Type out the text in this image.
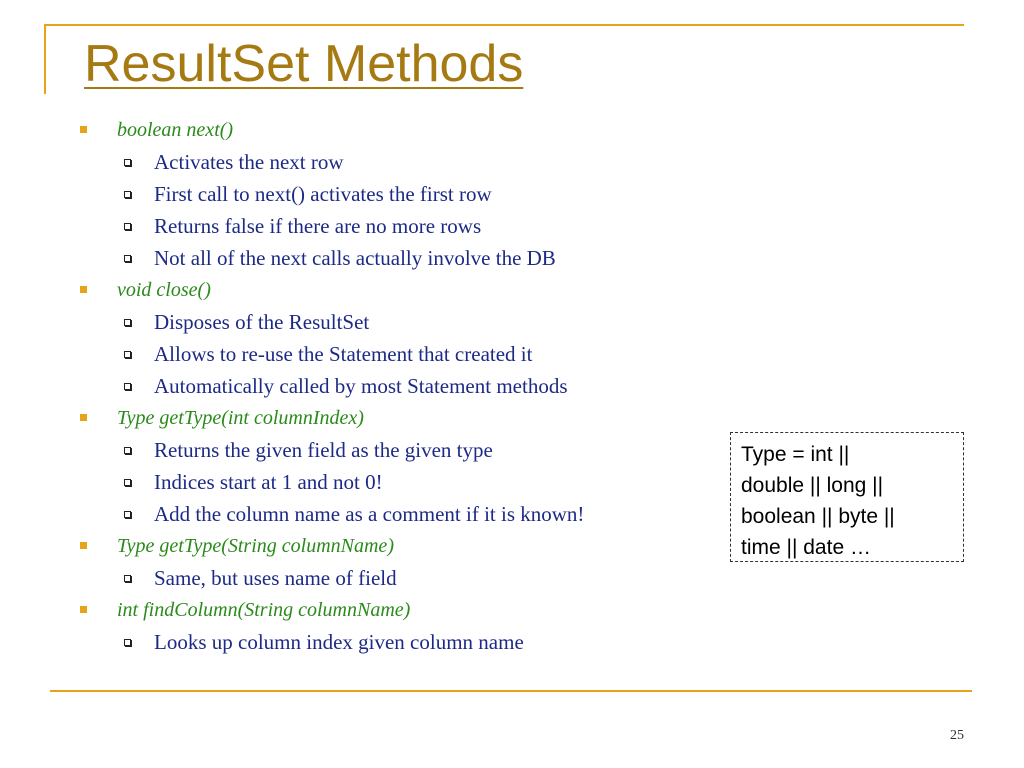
ResultSet Methods
boolean next()
Activates the next row
First call to next() activates the first row
Returns false if there are no more rows
Not all of the next calls actually involve the DB
void close()
Disposes of the ResultSet
Allows to re-use the Statement that created it
Automatically called by most Statement methods
Type getType(int columnIndex)
Returns the given field as the given type
Indices start at 1 and not 0!
Add the column name as a comment if it is known!
Type getType(String columnName)
Same, but uses name of field
int findColumn(String columnName)
Looks up column index given column name
Type = int ||
double || long ||
boolean || byte ||
time || date …
25
